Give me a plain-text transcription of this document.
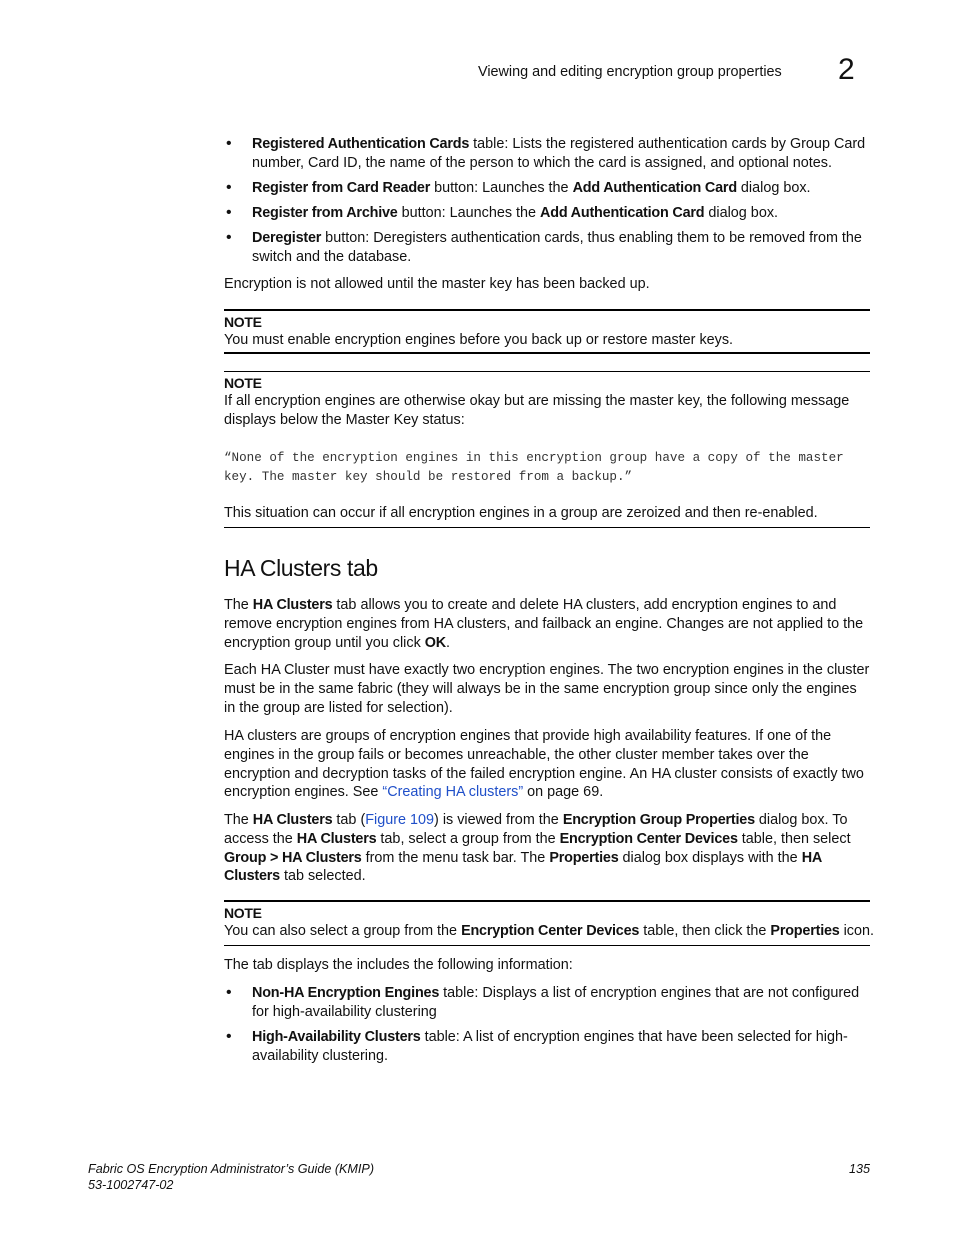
Viewing and editing encryption group properties 2
• Registered Authentication Cards table: Lists the registered authentication cards by Group Card number, Card ID, the name of the person to which the card is assigned, and optional notes.
• Register from Card Reader button: Launches the Add Authentication Card dialog box.
• Register from Archive button: Launches the Add Authentication Card dialog box.
• Deregister button: Deregisters authentication cards, thus enabling them to be removed from the switch and the database.
Encryption is not allowed until the master key has been backed up.
NOTE
You must enable encryption engines before you back up or restore master keys.
NOTE
If all encryption engines are otherwise okay but are missing the master key, the following message displays below the Master Key status:
“None of the encryption engines in this encryption group have a copy of the master
key. The master key should be restored from a backup.”
This situation can occur if all encryption engines in a group are zeroized and then re-enabled.
HA Clusters tab
The HA Clusters tab allows you to create and delete HA clusters, add encryption engines to and remove encryption engines from HA clusters, and failback an engine. Changes are not applied to the encryption group until you click OK.
Each HA Cluster must have exactly two encryption engines. The two encryption engines in the cluster must be in the same fabric (they will always be in the same encryption group since only the engines in the group are listed for selection).
HA clusters are groups of encryption engines that provide high availability features. If one of the engines in the group fails or becomes unreachable, the other cluster member takes over the encryption and decryption tasks of the failed encryption engine. An HA cluster consists of exactly two encryption engines. See “Creating HA clusters” on page 69.
The HA Clusters tab (Figure 109) is viewed from the Encryption Group Properties dialog box. To access the HA Clusters tab, select a group from the Encryption Center Devices table, then select Group > HA Clusters from the menu task bar. The Properties dialog box displays with the HA Clusters tab selected.
NOTE
You can also select a group from the Encryption Center Devices table, then click the Properties icon.
The tab displays the includes the following information:
• Non-HA Encryption Engines table: Displays a list of encryption engines that are not configured for high-availability clustering
• High-Availability Clusters table: A list of encryption engines that have been selected for high-availability clustering.
Fabric OS Encryption Administrator’s Guide (KMIP)
53-1002747-02
135
